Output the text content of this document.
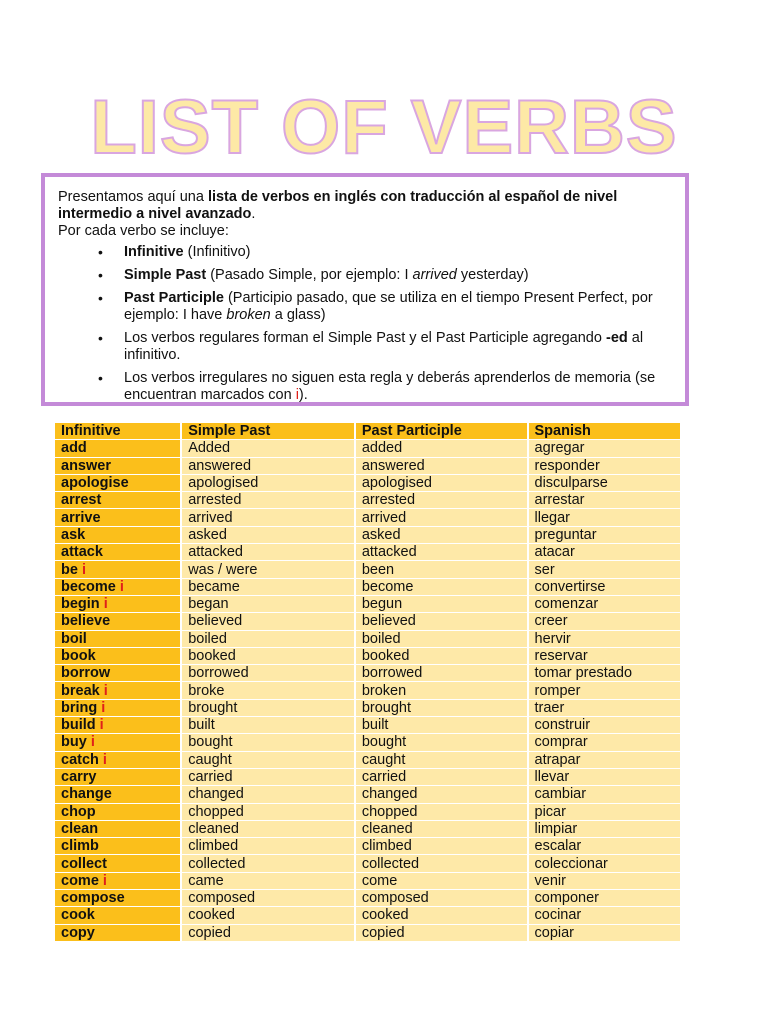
LIST OF VERBS

Presentamos aquí una lista de verbos en inglés con traducción al español de nivel intermedio a nivel avanzado.

Por cada verbo se incluye:

• Infinitive (Infinitivo)
• Simple Past (Pasado Simple, por ejemplo: I arrived yesterday)
• Past Participle (Participio pasado, que se utiliza en el tiempo Present Perfect, por ejemplo: I have broken a glass)
• Los verbos regulares forman el Simple Past y el Past Participle agregando -ed al infinitivo.
• Los verbos irregulares no siguen esta regla y deberás aprenderlos de memoria (se encuentran marcados con i).
Infinitive	Simple Past	Past Participle	Spanish
add	Added	added	agregar
answer	answered	answered	responder
apologise	apologised	apologised	disculparse
arrest	arrested	arrested	arrestar
arrive	arrived	arrived	llegar
ask	asked	asked	preguntar
attack	attacked	attacked	atacar
be i	was / were	been	ser
become i	became	become	convertirse
begin i	began	begun	comenzar
believe	believed	believed	creer
boil	boiled	boiled	hervir
book	booked	booked	reservar
borrow	borrowed	borrowed	tomar prestado
break i	broke	broken	romper
bring i	brought	brought	traer
build i	built	built	construir
buy i	bought	bought	comprar
catch i	caught	caught	atrapar
carry	carried	carried	llevar
change	changed	changed	cambiar
chop	chopped	chopped	picar
clean	cleaned	cleaned	limpiar
climb	climbed	climbed	escalar
collect	collected	collected	coleccionar
come i	came	come	venir
compose	composed	composed	componer
cook	cooked	cooked	cocinar
copy	copied	copied	copiar
